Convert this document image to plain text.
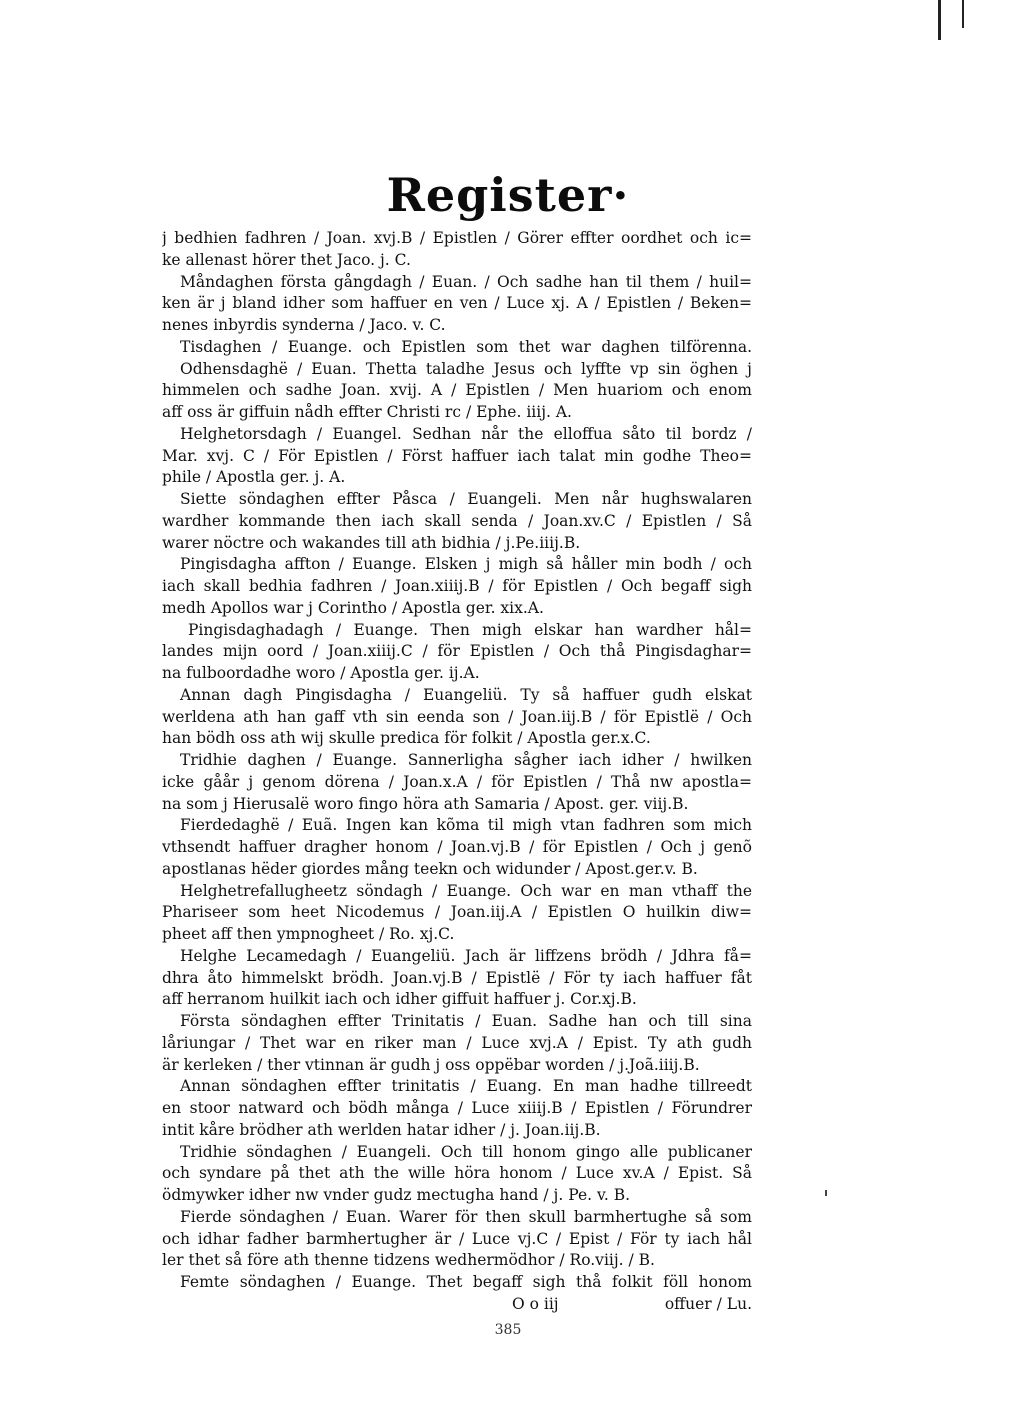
Register·
j bedhien fadhren / Joan. xvj.B / Epistlen / Görer effter oordhet och ic=
ke allenast hörer thet Jaco. j. C.
Måndaghen första gångdagh / Euan. / Och sadhe han til them / huil=
ken är j bland idher som haffuer en ven / Luce xj. A / Epistlen / Beken=
nenes inbyrdis synderna / Jaco. v. C.
Tisdaghen / Euange. och Epistlen som thet war daghen tilförenna.
Odhensdaghë / Euan. Thetta taladhe Jesus och lyffte vp sin öghen j
himmelen och sadhe Joan. xvij. A / Epistlen / Men huariom och enom
aff oss är giffuin nådh effter Christi rc / Ephe. iiij. A.
Helghetorsdagh / Euangel. Sedhan når the elloffua såto til bordz /
Mar. xvj. C / För Epistlen / Först haffuer iach talat min godhe Theo=
phile / Apostla ger. j. A.
Siette söndaghen effter Påsca / Euangeli. Men når hughswalaren
wardher kommande then iach skall senda / Joan.xv.C / Epistlen / Så
warer nöctre och wakandes till ath bidhia / j.Pe.iiij.B.
Pingisdagha affton / Euange. Elsken j migh så håller min bodh / och
iach skall bedhia fadhren / Joan.xiiij.B / för Epistlen / Och begaff sigh
medh Apollos war j Corintho / Apostla ger. xix.A.
Pingisdaghadagh / Euange. Then migh elskar han wardher hål=
landes mijn oord / Joan.xiiij.C / för Epistlen / Och thå Pingisdaghar=
na fulboordadhe woro / Apostla ger. ij.A.
Annan dagh Pingisdagha / Euangeliü. Ty så haffuer gudh elskat
werldena ath han gaff vth sin eenda son / Joan.iij.B / för Epistlë / Och
han bödh oss ath wij skulle predica för folkit / Apostla ger.x.C.
Tridhie daghen / Euange. Sannerligha sågher iach idher / hwilken
icke gåår j genom dörena / Joan.x.A / för Epistlen / Thå nw apostla=
na som j Hierusalë woro fingo höra ath Samaria / Apost. ger. viij.B.
Fierdedaghë / Euã. Ingen kan kõma til migh vtan fadhren som mich
vthsendt haffuer dragher honom / Joan.vj.B / för Epistlen / Och j genõ
apostlanas hëder giordes mång teekn och widunder / Apost.ger.v. B.
Helghetrefallugheetz söndagh / Euange. Och war en man vthaff the
Phariseer som heet Nicodemus / Joan.iij.A / Epistlen O huilkin diw=
pheet aff then ympnogheet / Ro. xj.C.
Helghe Lecamedagh / Euangeliü. Jach är liffzens brödh / Jdhra få=
dhra åto himmelskt brödh. Joan.vj.B / Epistlë / För ty iach haffuer fåt
aff herranom huilkit iach och idher giffuit haffuer j. Cor.xj.B.
Första söndaghen effter Trinitatis / Euan. Sadhe han och till sina
låriungar / Thet war en riker man / Luce xvj.A / Epist. Ty ath gudh
är kerleken / ther vtinnan är gudh j oss oppëbar worden / j.Joã.iiij.B.
Annan söndaghen effter trinitatis / Euang. En man hadhe tillreedt
en stoor natward och bödh många / Luce xiiij.B / Epistlen / Förundrer
intit kåre brödher ath werlden hatar idher / j. Joan.iij.B.
Tridhie söndaghen / Euangeli. Och till honom gingo alle publicaner
och syndare på thet ath the wille höra honom / Luce xv.A / Epist. Så
ödmywker idher nw vnder gudz mectugha hand / j. Pe. v. B.
Fierde söndaghen / Euan. Warer för then skull barmhertughe så som
och idhar fadher barmhertugher är / Luce vj.C / Epist / För ty iach hål
ler thet så före ath thenne tidzens wedhermödhor / Ro.viij. / B.
Femte söndaghen / Euange. Thet begaff sigh thå folkit föll honom
O o iij	offuer / Lu.
385
